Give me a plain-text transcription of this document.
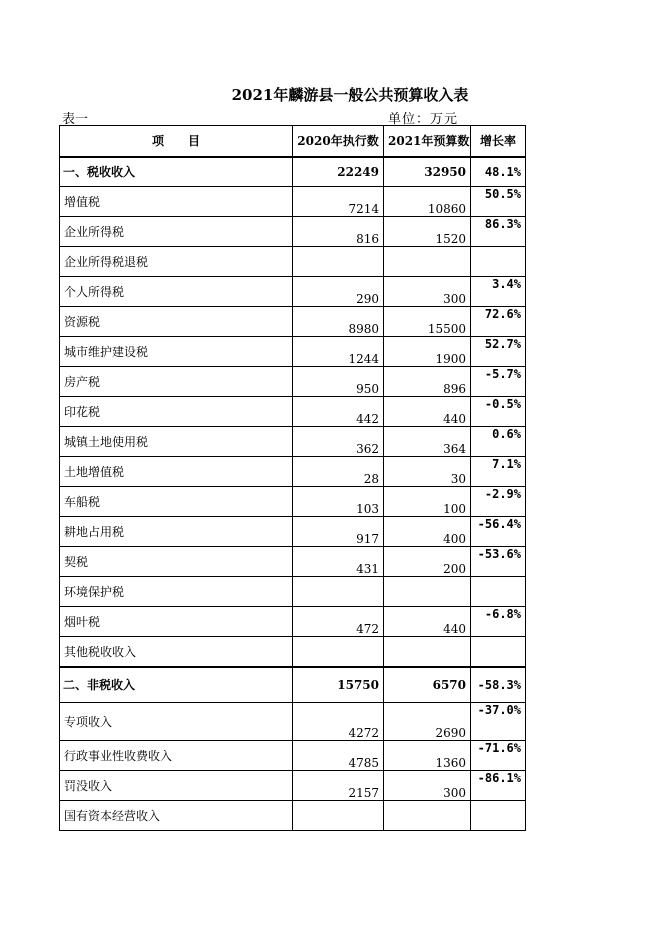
2021年麟游县一般公共预算收入表
表一	单位：万元
项　　目	2020年执行数	2021年预算数	增长率
一、税收收入	22249	32950	48.1%
增值税	7214	10860	50.5%
企业所得税	816	1520	86.3%
企业所得税退税			
个人所得税	290	300	3.4%
资源税	8980	15500	72.6%
城市维护建设税	1244	1900	52.7%
房产税	950	896	-5.7%
印花税	442	440	-0.5%
城镇土地使用税	362	364	0.6%
土地增值税	28	30	7.1%
车船税	103	100	-2.9%
耕地占用税	917	400	-56.4%
契税	431	200	-53.6%
环境保护税			
烟叶税	472	440	-6.8%
其他税收收入			
二、非税收入	15750	6570	-58.3%
专项收入	4272	2690	-37.0%
行政事业性收费收入	4785	1360	-71.6%
罚没收入	2157	300	-86.1%
国有资本经营收入			
